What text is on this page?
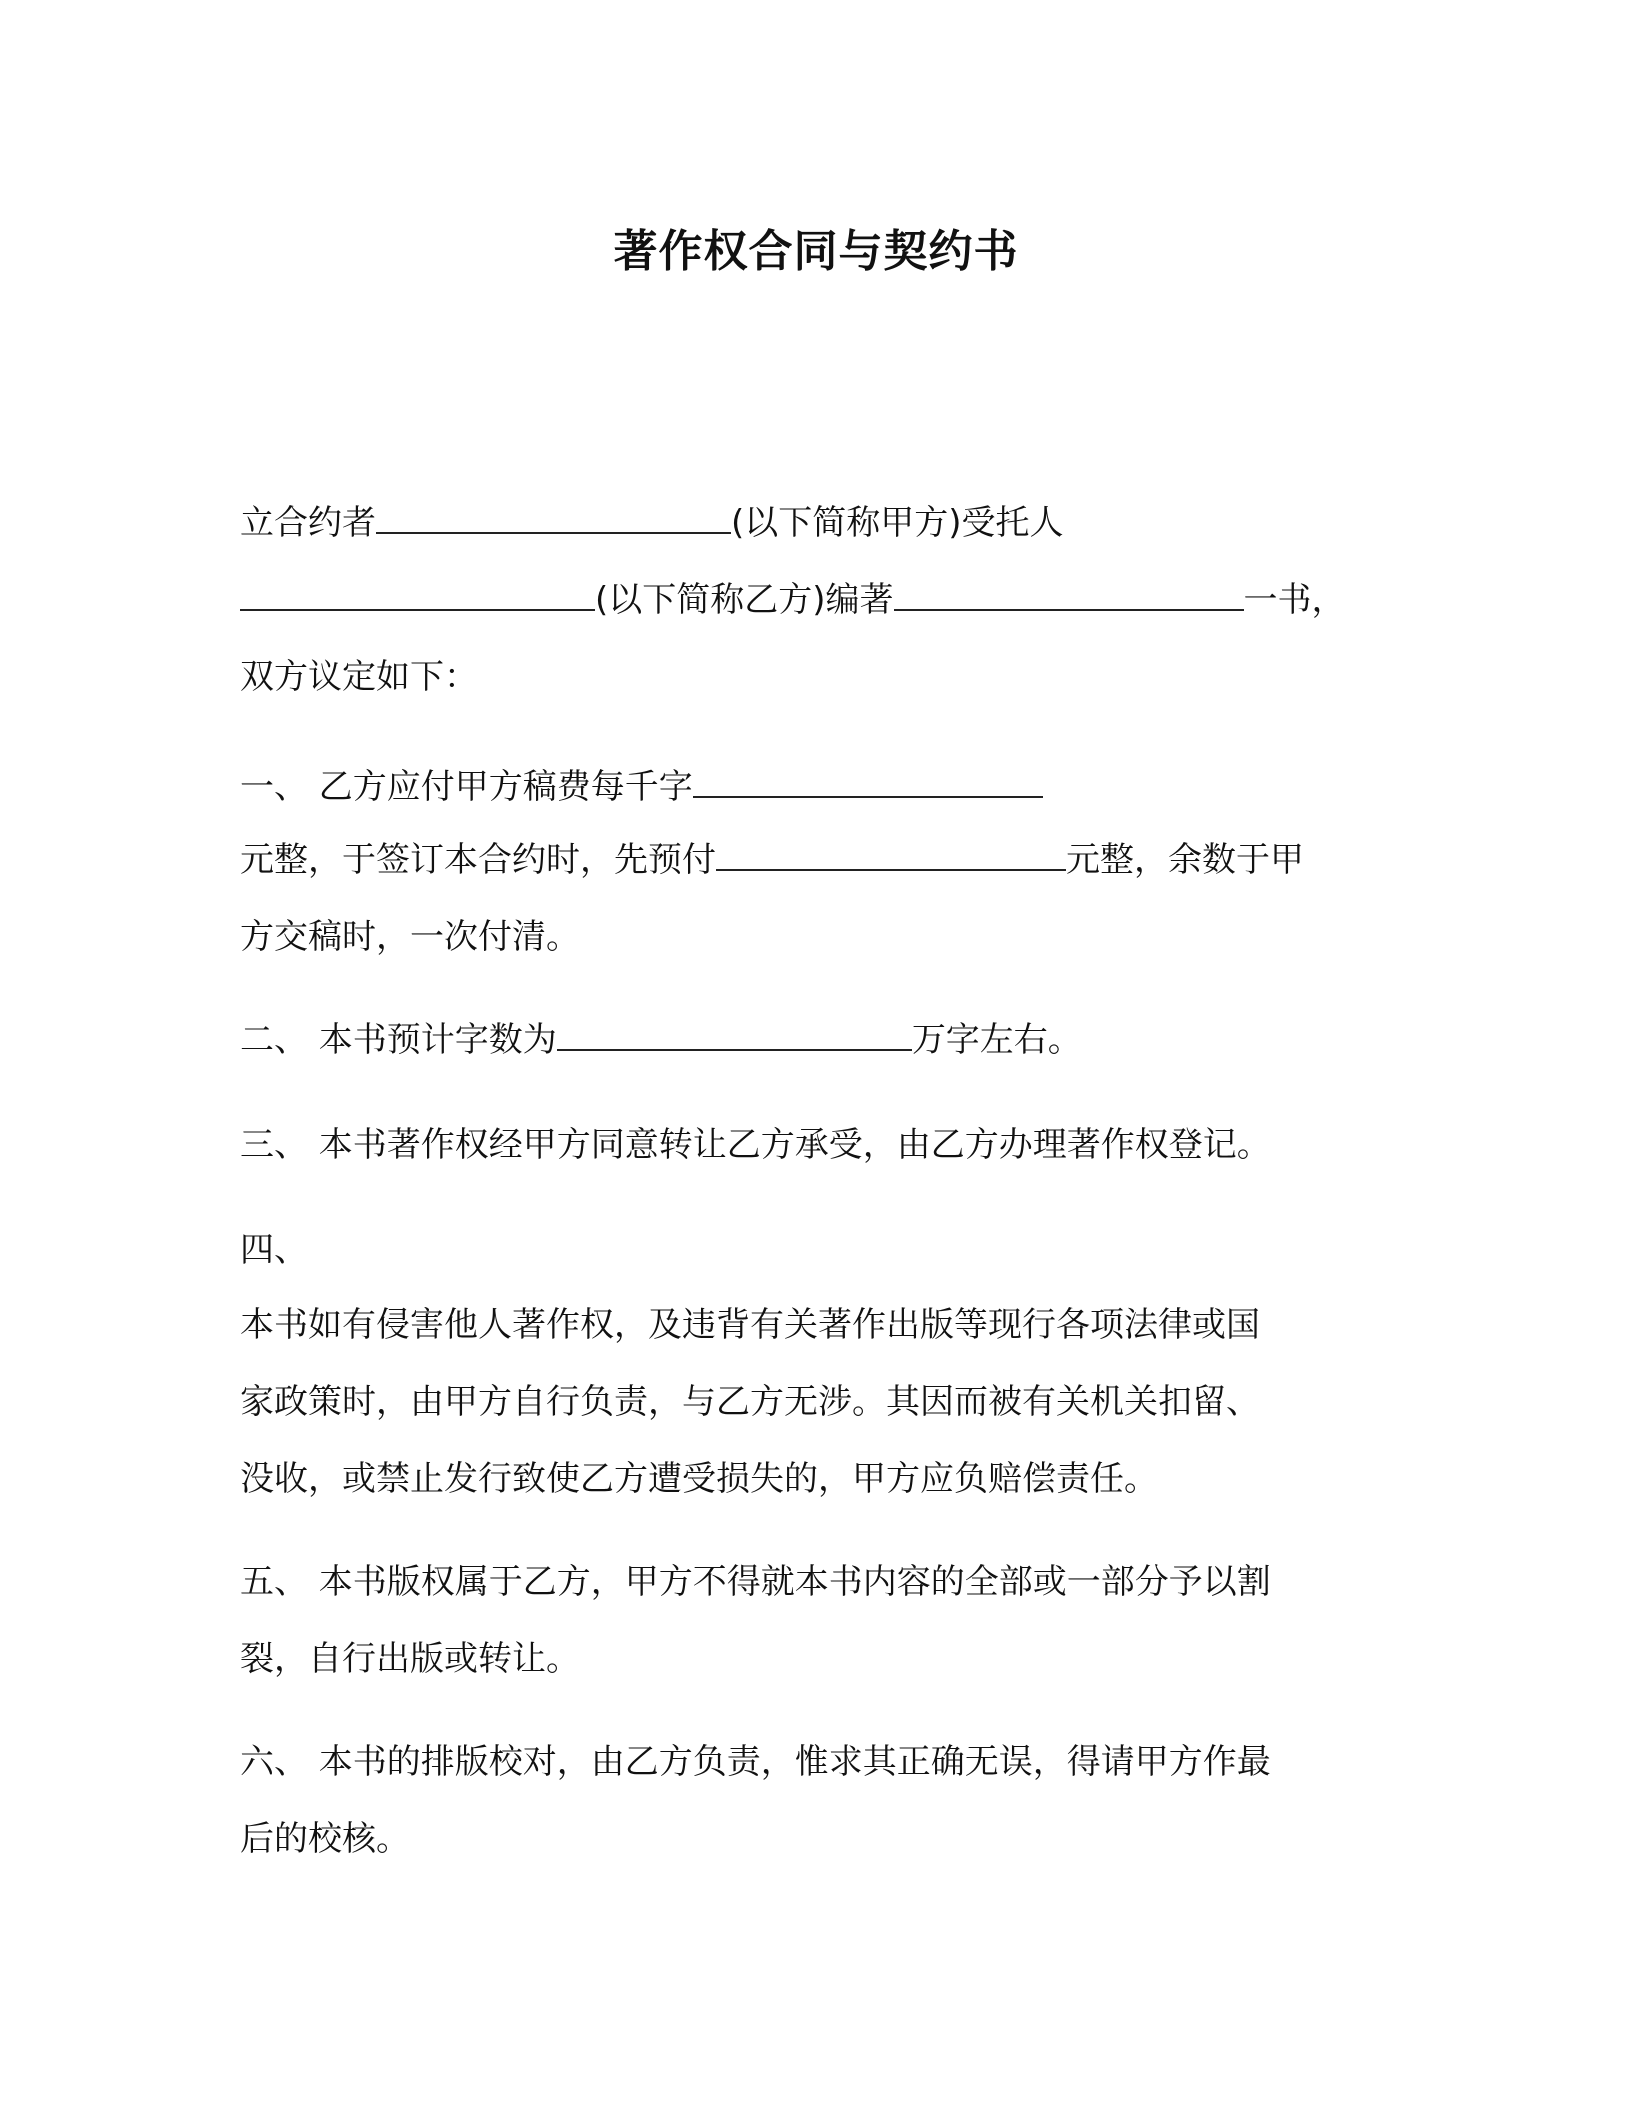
著作权合同与契约书
立合约者	(以下简称甲方)受托人
(以下简称乙方)编著	一书，
双方议定如下：
一、 乙方应付甲方稿费每千字
元整，于签订本合约时，先预付	元整，余数于甲
方交稿时，一次付清。
二、 本书预计字数为	万字左右。
三、 本书著作权经甲方同意转让乙方承受，由乙方办理著作权登记。
四、
本书如有侵害他人著作权，及违背有关著作出版等现行各项法律或国
家政策时，由甲方自行负责，与乙方无涉。其因而被有关机关扣留、
没收，或禁止发行致使乙方遭受损失的，甲方应负赔偿责任。
五、 本书版权属于乙方，甲方不得就本书内容的全部或一部分予以割
裂，自行出版或转让。
六、 本书的排版校对，由乙方负责，惟求其正确无误，得请甲方作最
后的校核。
